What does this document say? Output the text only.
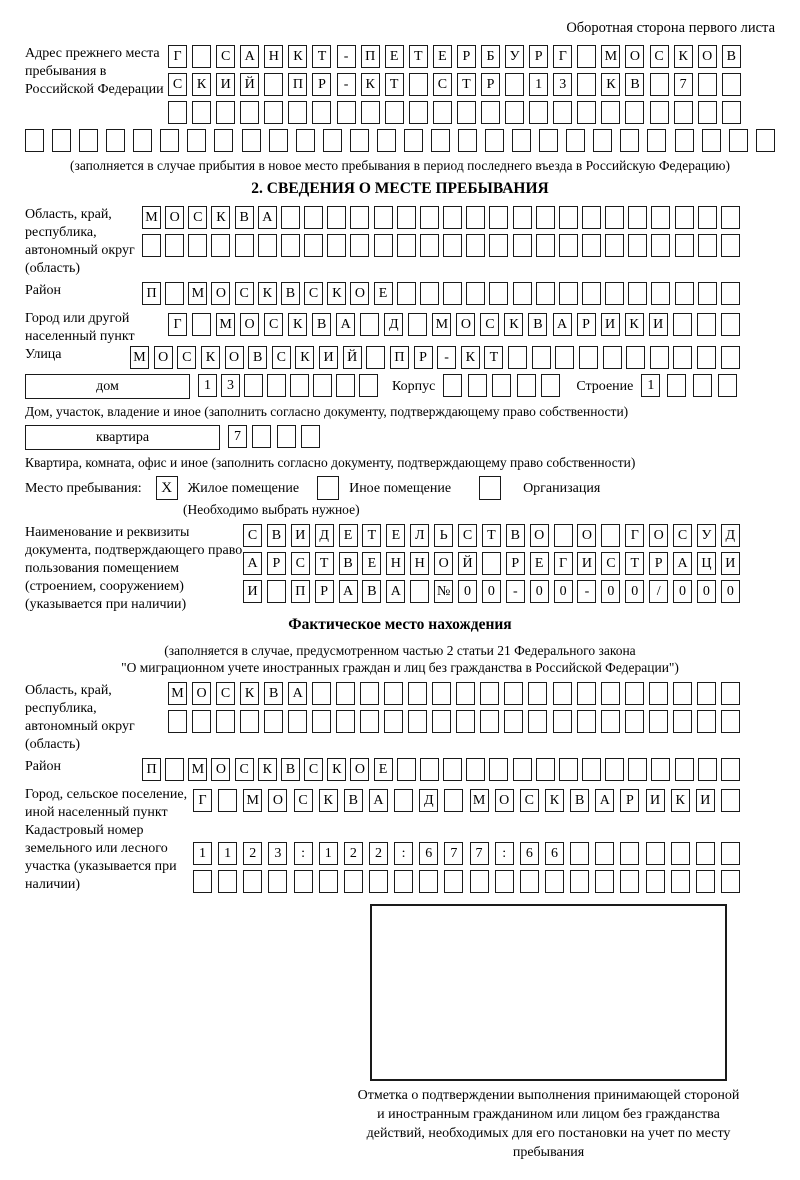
Оборотная сторона первого листа
Адрес прежнего места пребывания в Российской Федерации
Г	С	А Н	К	Т	-	П	Е	Т	Е	Р	Б	У	Р	Г	М О	С	К	О	В
С	К	И Й	П	Р	-	К	Т	С	Т	Р	1	3	К	В	7
(заполняется в случае прибытия в новое место пребывания в период последнего въезда в Российскую Федерацию)
2. СВЕДЕНИЯ О МЕСТЕ ПРЕБЫВАНИЯ
Область, край, республика, автономный округ (область)
М О С К В А
Район	П	М О С К В С К О Е
Город или другой населенный пункт
Г	М О	С	К	В	А	Д	М О	С	К	В	А	Р	И	К	И
Улица	М О С	К О В	С	К И Й	П	Р	-	К	Т
дом	1	3	Корпус	Строение	1
Дом, участок, владение и иное (заполнить согласно документу, подтверждающему право собственности)
квартира	7
Квартира, комната, офис и иное (заполнить согласно документу, подтверждающему право собственности)
Место пребывания:	X	Жилое помещение	Иное помещение	Организация
(Необходимо выбрать нужное)
Наименование и реквизиты документа, подтверждающего право пользования помещением (строением, сооружением) (указывается при наличии)
С	В	И	Д	Е	Т	Е	Л	Ь	С	Т	В	О	О	Г	О	С	У	Д
А	Р	С	Т	В	Е	Н Н О Й	Р	Е	Г	И	С	Т	Р	А Ц И
И	П	Р	А	В	А	№ 0	0	-	0	0	-	0	0	/	0	0	0
Фактическое место нахождения
(заполняется в случае, предусмотренном частью 2 статьи 21 Федерального закона
"О миграционном учете иностранных граждан и лиц без гражданства в Российской Федерации")
Область, край, республика, автономный округ (область)
М О	С	К	В	А
Район	П	М О С К В С К О Е
Город, сельское поселение, иной населенный пункт
Г	М О	С	К	В	А	Д	М О	С	К	В	А	Р	И	К	И
Кадастровый номер земельного или лесного участка (указывается при наличии)
1	1	2	3	:	1	2	2	:	6	7	7	:	6	6
Отметка о подтверждении выполнения принимающей стороной и иностранным гражданином или лицом без гражданства действий, необходимых для его постановки на учет по месту пребывания
